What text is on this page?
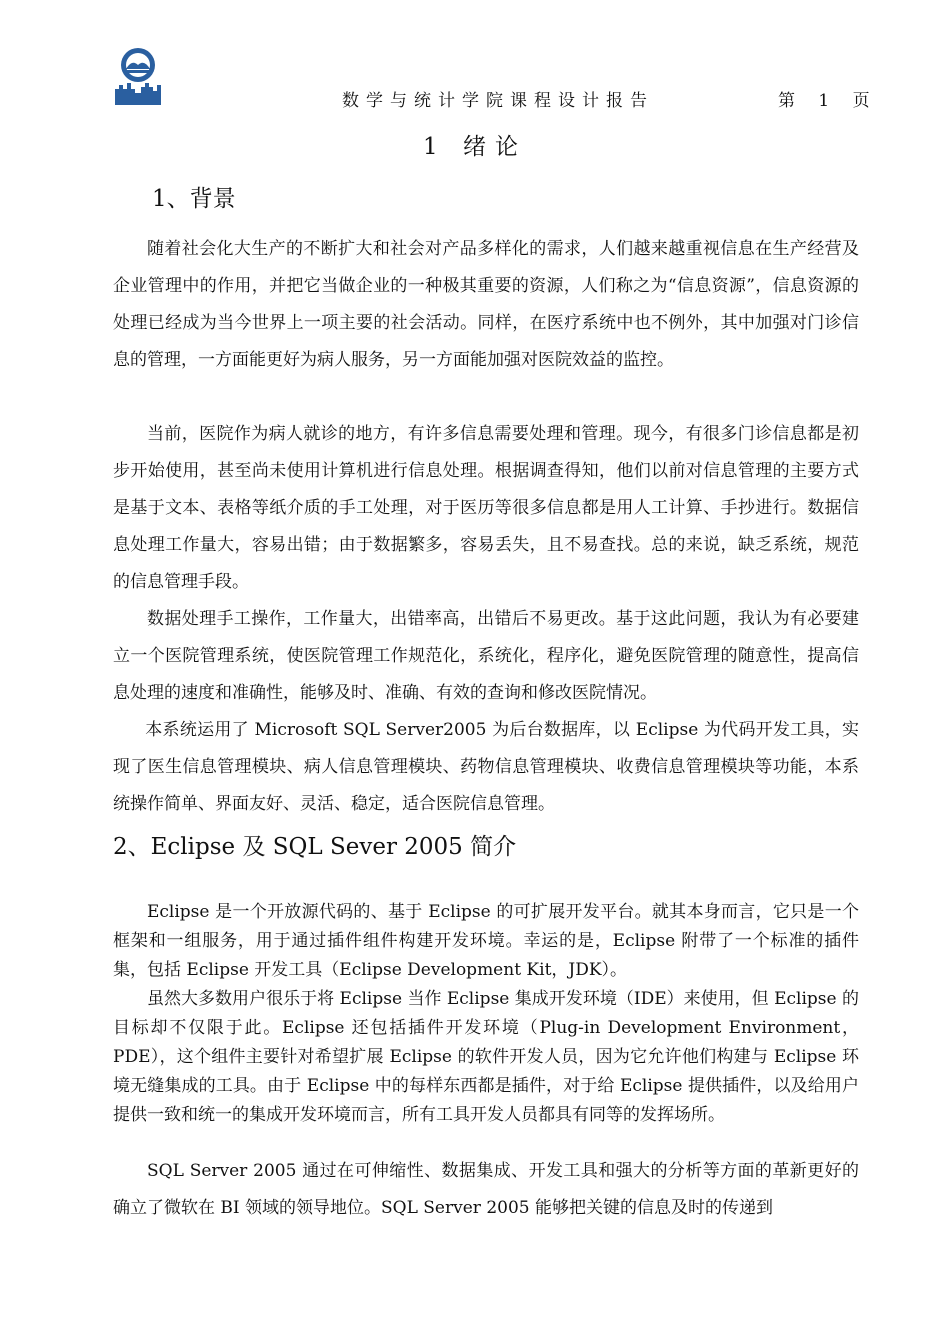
数学与统计学院课程设计报告	第 1 页
1 绪论
1、背景

随着社会化大生产的不断扩大和社会对产品多样化的需求，人们越来越重视信息在生产经营及企业管理中的作用，并把它当做企业的一种极其重要的资源，人们称之为“信息资源”，信息资源的处理已经成为当今世界上一项主要的社会活动。同样，在医疗系统中也不例外，其中加强对门诊信息的管理，一方面能更好为病人服务，另一方面能加强对医院效益的监控。

当前，医院作为病人就诊的地方，有许多信息需要处理和管理。现今，有很多门诊信息都是初步开始使用，甚至尚未使用计算机进行信息处理。根据调查得知，他们以前对信息管理的主要方式是基于文本、表格等纸介质的手工处理，对于医历等很多信息都是用人工计算、手抄进行。数据信息处理工作量大，容易出错；由于数据繁多，容易丢失，且不易查找。总的来说，缺乏系统，规范的信息管理手段。

数据处理手工操作，工作量大，出错率高，出错后不易更改。基于这此问题，我认为有必要建立一个医院管理系统，使医院管理工作规范化，系统化，程序化，避免医院管理的随意性，提高信息处理的速度和准确性，能够及时、准确、有效的查询和修改医院情况。

本系统运用了 Microsoft SQL Server2005 为后台数据库，以 Eclipse 为代码开发工具，实现了医生信息管理模块、病人信息管理模块、药物信息管理模块、收费信息管理模块等功能，本系统操作简单、界面友好、灵活、稳定，适合医院信息管理。

2、Eclipse 及 SQL Sever 2005 简介

Eclipse 是一个开放源代码的、基于 Eclipse 的可扩展开发平台。就其本身而言，它只是一个框架和一组服务，用于通过插件组件构建开发环境。幸运的是，Eclipse 附带了一个标准的插件集，包括 Eclipse 开发工具（Eclipse Development Kit，JDK）。

虽然大多数用户很乐于将 Eclipse 当作 Eclipse 集成开发环境（IDE）来使用，但 Eclipse 的目标却不仅限于此。Eclipse 还包括插件开发环境（Plug-in Development Environment，PDE），这个组件主要针对希望扩展 Eclipse 的软件开发人员，因为它允许他们构建与 Eclipse 环境无缝集成的工具。由于 Eclipse 中的每样东西都是插件，对于给 Eclipse 提供插件，以及给用户提供一致和统一的集成开发环境而言，所有工具开发人员都具有同等的发挥场所。

SQL Server 2005 通过在可伸缩性、数据集成、开发工具和强大的分析等方面的革新更好的确立了微软在 BI 领域的领导地位。SQL Server 2005 能够把关键的信息及时的传递到
